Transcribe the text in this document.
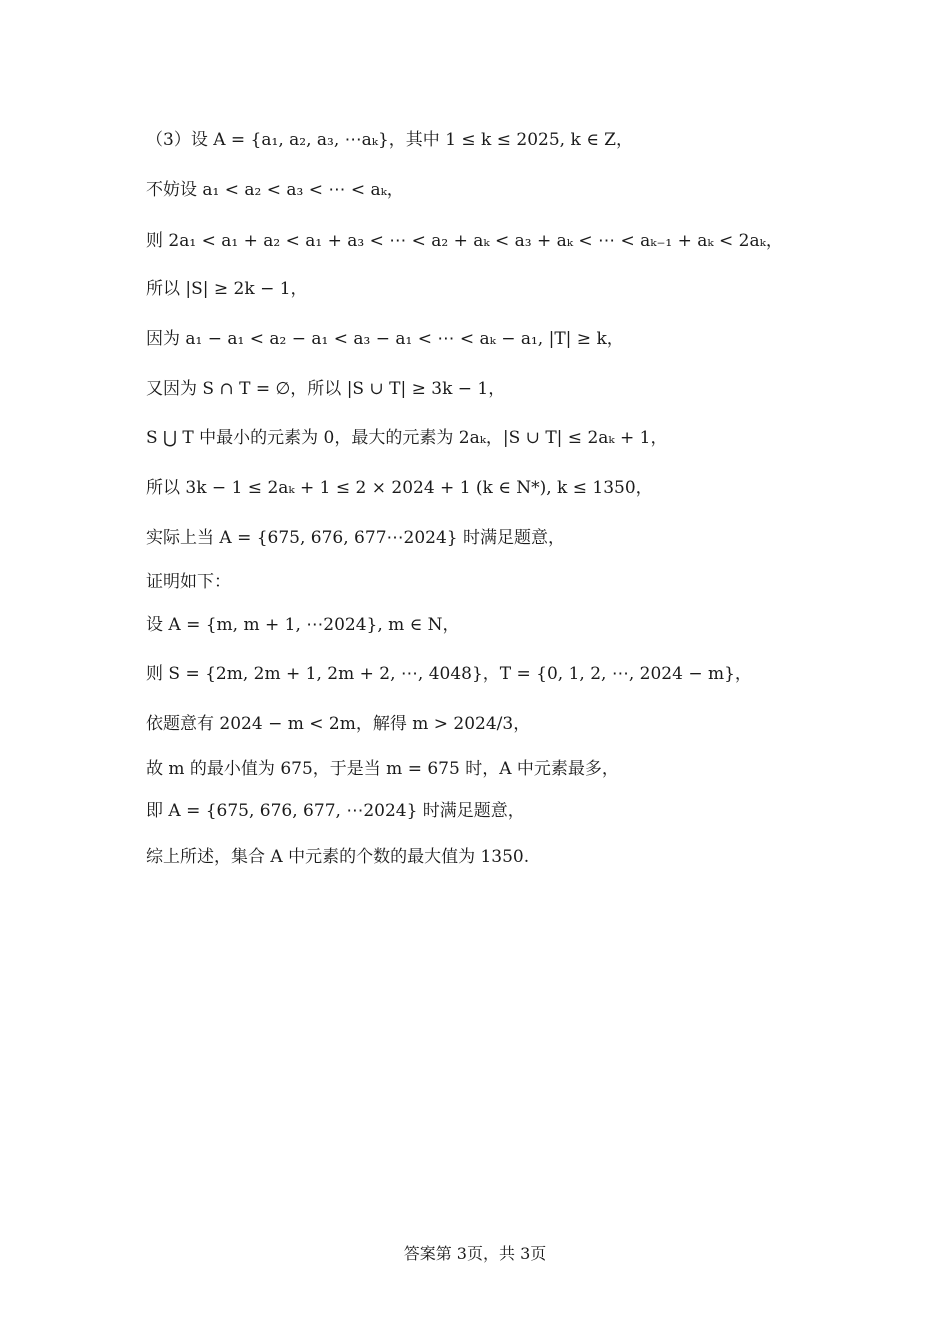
（3）设 A = {a₁, a₂, a₃, ⋯aₖ}，其中 1 ≤ k ≤ 2025, k ∈ Z，
不妨设 a₁ < a₂ < a₃ < ⋯ < aₖ，
则 2a₁ < a₁ + a₂ < a₁ + a₃ < ⋯ < a₂ + aₖ < a₃ + aₖ < ⋯ < aₖ₋₁ + aₖ < 2aₖ，
所以 |S| ≥ 2k − 1，
因为 a₁ − a₁ < a₂ − a₁ < a₃ − a₁ < ⋯ < aₖ − a₁, |T| ≥ k，
又因为 S ∩ T = ∅，所以 |S ∪ T| ≥ 3k − 1，
S ⋃ T 中最小的元素为 0，最大的元素为 2aₖ，|S ∪ T| ≤ 2aₖ + 1，
所以 3k − 1 ≤ 2aₖ + 1 ≤ 2 × 2024 + 1 (k ∈ N*), k ≤ 1350，
实际上当 A = {675, 676, 677⋯2024} 时满足题意，
证明如下：
设 A = {m, m + 1, ⋯2024}, m ∈ N，
则 S = {2m, 2m + 1, 2m + 2, ⋯, 4048}，T = {0, 1, 2, ⋯, 2024 − m}，
依题意有 2024 − m < 2m，解得 m > 2024/3，
故 m 的最小值为 675，于是当 m = 675 时，A 中元素最多，
即 A = {675, 676, 677, ⋯2024} 时满足题意，
综上所述，集合 A 中元素的个数的最大值为 1350.
答案第 3页，共 3页
